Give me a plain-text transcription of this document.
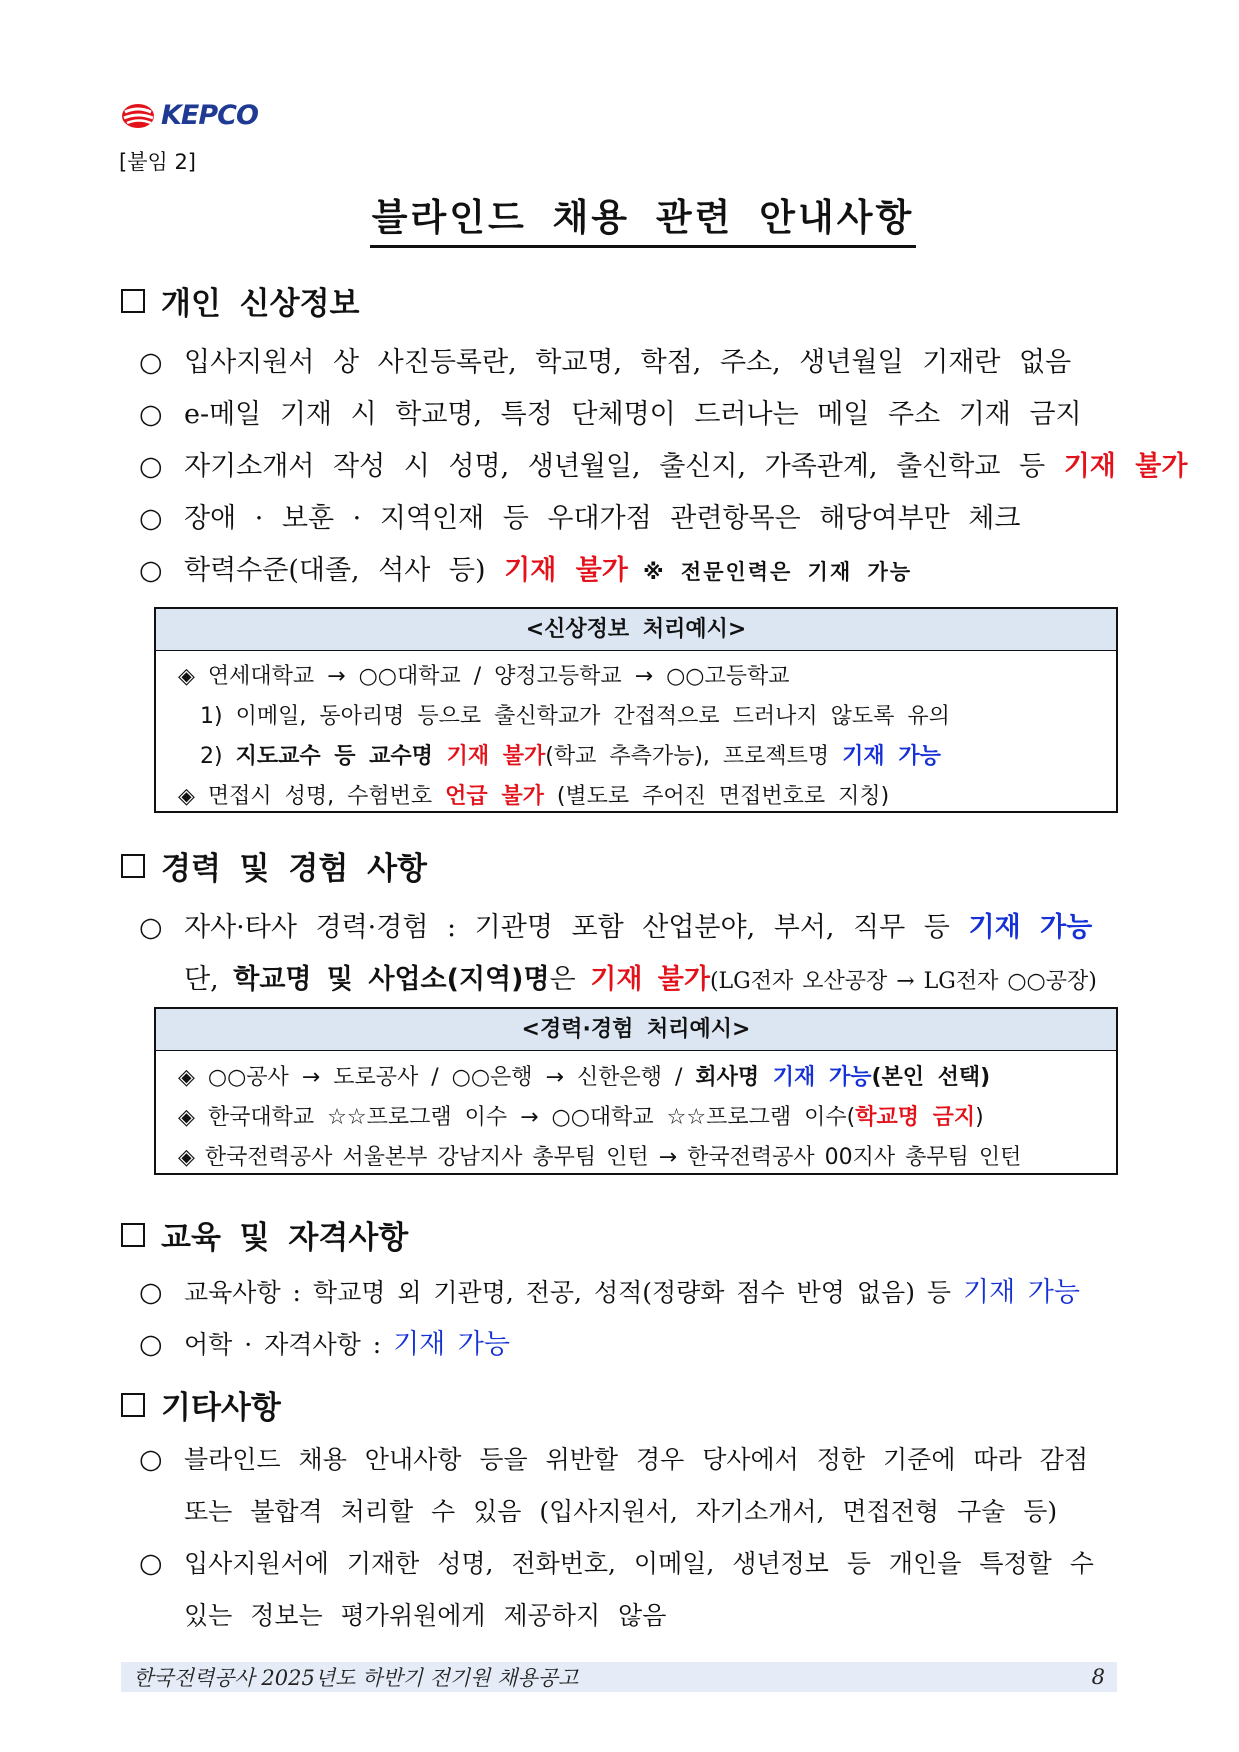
KEPCO
[붙임 2]
블라인드 채용 관련 안내사항
개인 신상정보
○ 입사지원서 상 사진등록란, 학교명, 학점, 주소, 생년월일 기재란 없음
○ e-메일 기재 시 학교명, 특정 단체명이 드러나는 메일 주소 기재 금지
○ 자기소개서 작성 시 성명, 생년월일, 출신지, 가족관계, 출신학교 등 기재 불가
○ 장애 · 보훈 · 지역인재 등 우대가점 관련항목은 해당여부만 체크
○ 학력수준(대졸, 석사 등) 기재 불가 ※ 전문인력은 기재 가능
<신상정보 처리예시>
◈ 연세대학교 → ○○대학교 / 양정고등학교 → ○○고등학교
1) 이메일, 동아리명 등으로 출신학교가 간접적으로 드러나지 않도록 유의
2) 지도교수 등 교수명 기재 불가(학교 추측가능), 프로젝트명 기재 가능
◈ 면접시 성명, 수험번호 언급 불가 (별도로 주어진 면접번호로 지칭)
경력 및 경험 사항
○ 자사·타사 경력·경험 : 기관명 포함 산업분야, 부서, 직무 등 기재 가능
단, 학교명 및 사업소(지역)명은 기재 불가(LG전자 오산공장 → LG전자 ○○공장)
<경력·경험 처리예시>
◈ ○○공사 → 도로공사 / ○○은행 → 신한은행 / 회사명 기재 가능(본인 선택)
◈ 한국대학교 ☆☆프로그램 이수 → ○○대학교 ☆☆프로그램 이수(학교명 금지)
◈ 한국전력공사 서울본부 강남지사 총무팀 인턴 → 한국전력공사 00지사 총무팀 인턴
교육 및 자격사항
○ 교육사항 : 학교명 외 기관명, 전공, 성적(정량화 점수 반영 없음) 등 기재 가능
○ 어학 · 자격사항 : 기재 가능
기타사항
○ 블라인드 채용 안내사항 등을 위반할 경우 당사에서 정한 기준에 따라 감점
또는 불합격 처리할 수 있음 (입사지원서, 자기소개서, 면접전형 구술 등)
○ 입사지원서에 기재한 성명, 전화번호, 이메일, 생년정보 등 개인을 특정할 수
있는 정보는 평가위원에게 제공하지 않음
한국전력공사 2025년도 하반기 전기원 채용공고	8
